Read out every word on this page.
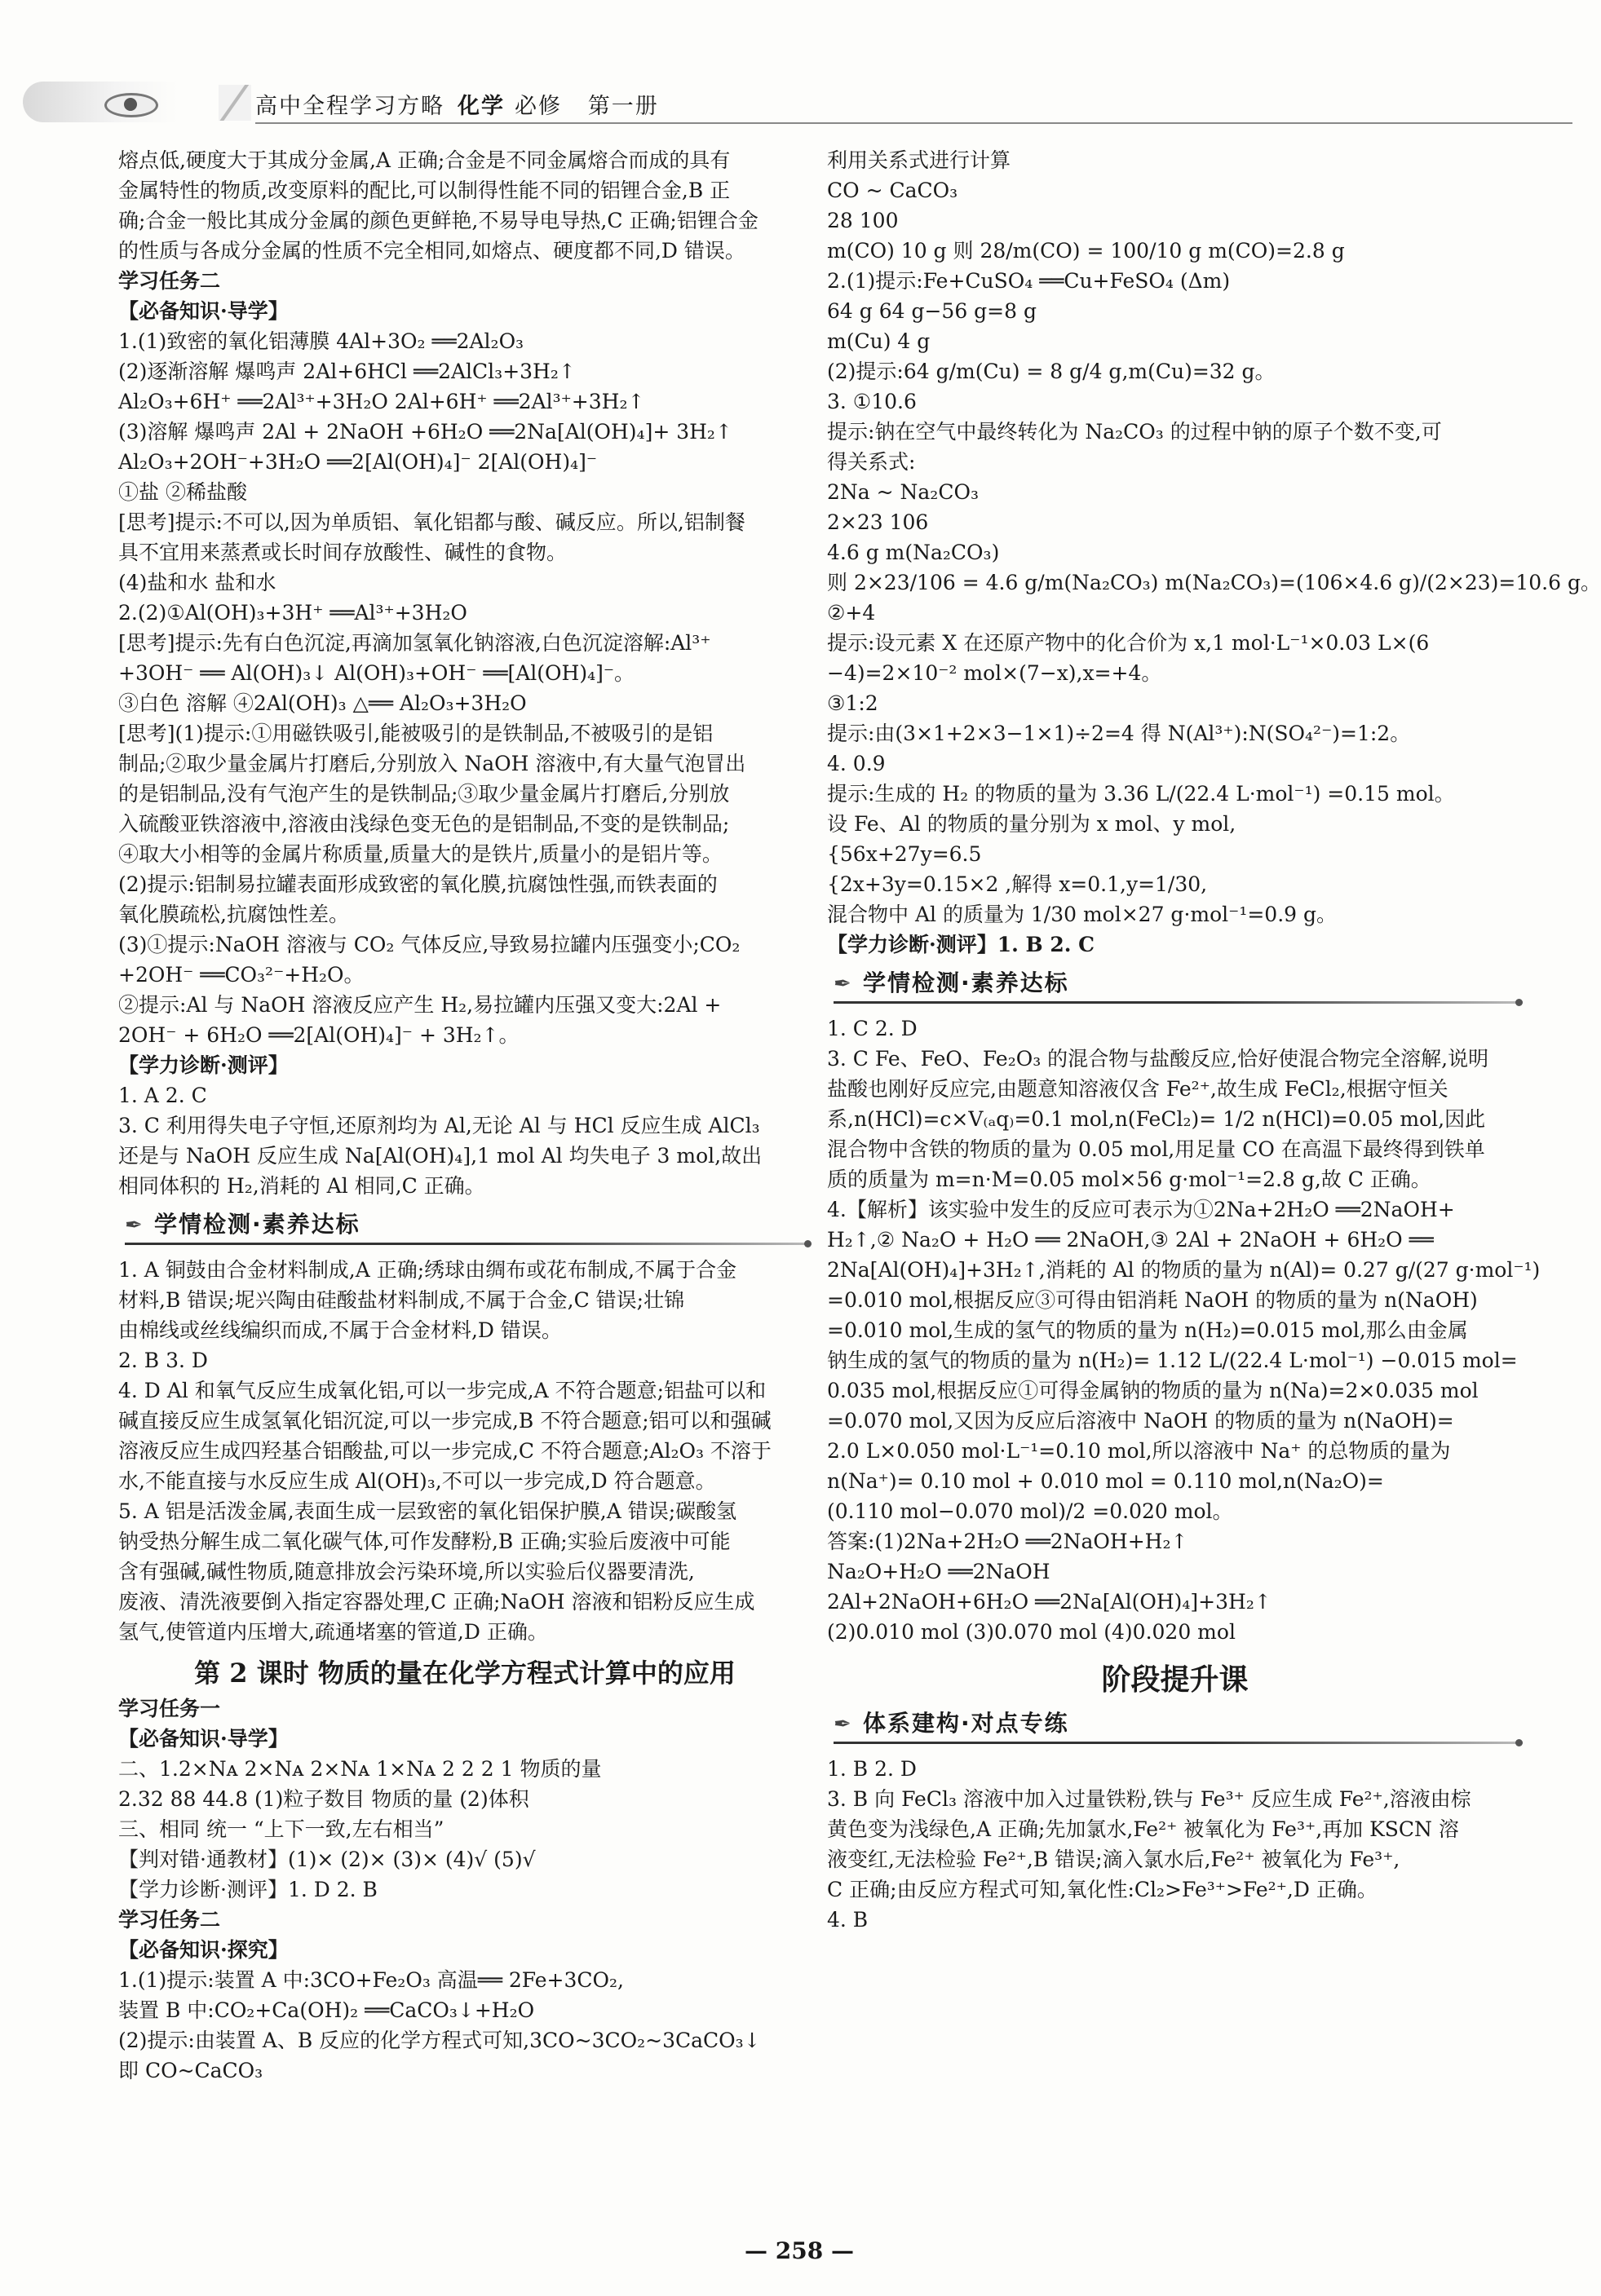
高中全程学习方略 化学 必修 第一册

熔点低,硬度大于其成分金属,A 正确;合金是不同金属熔合而成的具有

金属特性的物质,改变原料的配比,可以制得性能不同的铝锂合金,B 正

确;合金一般比其成分金属的颜色更鲜艳,不易导电导热,C 正确;铝锂合金

的性质与各成分金属的性质不完全相同,如熔点、硬度都不同,D 错误。

学习任务二

【必备知识·导学】

1.(1)致密的氧化铝薄膜 4Al+3O₂ ══2Al₂O₃

(2)逐渐溶解 爆鸣声 2Al+6HCl ══2AlCl₃+3H₂↑

Al₂O₃+6H⁺ ══2Al³⁺+3H₂O 2Al+6H⁺ ══2Al³⁺+3H₂↑

(3)溶解 爆鸣声 2Al + 2NaOH +6H₂O ══2Na[Al(OH)₄]+ 3H₂↑

Al₂O₃+2OH⁻+3H₂O ══2[Al(OH)₄]⁻ 2[Al(OH)₄]⁻

①盐 ②稀盐酸

[思考]提示:不可以,因为单质铝、氧化铝都与酸、碱反应。所以,铝制餐

具不宜用来蒸煮或长时间存放酸性、碱性的食物。

(4)盐和水 盐和水

2.(2)①Al(OH)₃+3H⁺ ══Al³⁺+3H₂O

[思考]提示:先有白色沉淀,再滴加氢氧化钠溶液,白色沉淀溶解:Al³⁺

+3OH⁻ ══ Al(OH)₃↓ Al(OH)₃+OH⁻ ══[Al(OH)₄]⁻。

③白色 溶解 ④2Al(OH)₃ △══ Al₂O₃+3H₂O

[思考](1)提示:①用磁铁吸引,能被吸引的是铁制品,不被吸引的是铝

制品;②取少量金属片打磨后,分别放入 NaOH 溶液中,有大量气泡冒出

的是铝制品,没有气泡产生的是铁制品;③取少量金属片打磨后,分别放

入硫酸亚铁溶液中,溶液由浅绿色变无色的是铝制品,不变的是铁制品;

④取大小相等的金属片称质量,质量大的是铁片,质量小的是铝片等。

(2)提示:铝制易拉罐表面形成致密的氧化膜,抗腐蚀性强,而铁表面的

氧化膜疏松,抗腐蚀性差。

(3)①提示:NaOH 溶液与 CO₂ 气体反应,导致易拉罐内压强变小;CO₂

+2OH⁻ ══CO₃²⁻+H₂O。

②提示:Al 与 NaOH 溶液反应产生 H₂,易拉罐内压强又变大:2Al +

2OH⁻ + 6H₂O ══2[Al(OH)₄]⁻ + 3H₂↑。

【学力诊断·测评】

1. A 2. C

3. C 利用得失电子守恒,还原剂均为 Al,无论 Al 与 HCl 反应生成 AlCl₃

还是与 NaOH 反应生成 Na[Al(OH)₄],1 mol Al 均失电子 3 mol,故出

相同体积的 H₂,消耗的 Al 相同,C 正确。

✒ 学情检测·素养达标

1. A 铜鼓由合金材料制成,A 正确;绣球由绸布或花布制成,不属于合金

材料,B 错误;坭兴陶由硅酸盐材料制成,不属于合金,C 错误;壮锦

由棉线或丝线编织而成,不属于合金材料,D 错误。

2. B 3. D

4. D Al 和氧气反应生成氧化铝,可以一步完成,A 不符合题意;铝盐可以和

碱直接反应生成氢氧化铝沉淀,可以一步完成,B 不符合题意;铝可以和强碱

溶液反应生成四羟基合铝酸盐,可以一步完成,C 不符合题意;Al₂O₃ 不溶于

水,不能直接与水反应生成 Al(OH)₃,不可以一步完成,D 符合题意。

5. A 铝是活泼金属,表面生成一层致密的氧化铝保护膜,A 错误;碳酸氢

钠受热分解生成二氧化碳气体,可作发酵粉,B 正确;实验后废液中可能

含有强碱,碱性物质,随意排放会污染环境,所以实验后仪器要清洗,

废液、清洗液要倒入指定容器处理,C 正确;NaOH 溶液和铝粉反应生成

氢气,使管道内压增大,疏通堵塞的管道,D 正确。

第 2 课时 物质的量在化学方程式计算中的应用

学习任务一

【必备知识·导学】

二、1.2×Nᴀ 2×Nᴀ 2×Nᴀ 1×Nᴀ 2 2 2 1 物质的量

2.32 88 44.8 (1)粒子数目 物质的量 (2)体积

三、相同 统一 “上下一致,左右相当”

【判对错·通教材】(1)× (2)× (3)× (4)√ (5)√

【学力诊断·测评】1. D 2. B

学习任务二

【必备知识·探究】

1.(1)提示:装置 A 中:3CO+Fe₂O₃ 高温══ 2Fe+3CO₂,

装置 B 中:CO₂+Ca(OH)₂ ══CaCO₃↓+H₂O

(2)提示:由装置 A、B 反应的化学方程式可知,3CO~3CO₂~3CaCO₃↓

即 CO~CaCO₃

利用关系式进行计算

CO ~ CaCO₃

28 100

m(CO) 10 g 则 28/m(CO) = 100/10 g m(CO)=2.8 g

2.(1)提示:Fe+CuSO₄ ══Cu+FeSO₄ (Δm)

64 g 64 g−56 g=8 g

m(Cu) 4 g

(2)提示:64 g/m(Cu) = 8 g/4 g,m(Cu)=32 g。

3. ①10.6

提示:钠在空气中最终转化为 Na₂CO₃ 的过程中钠的原子个数不变,可

得关系式:

2Na ~ Na₂CO₃

2×23 106

4.6 g m(Na₂CO₃)

则 2×23/106 = 4.6 g/m(Na₂CO₃) m(Na₂CO₃)=(106×4.6 g)/(2×23)=10.6 g。

②+4

提示:设元素 X 在还原产物中的化合价为 x,1 mol·L⁻¹×0.03 L×(6

−4)=2×10⁻² mol×(7−x),x=+4。

③1:2

提示:由(3×1+2×3−1×1)÷2=4 得 N(Al³⁺):N(SO₄²⁻)=1:2。

4. 0.9

提示:生成的 H₂ 的物质的量为 3.36 L/(22.4 L·mol⁻¹) =0.15 mol。

设 Fe、Al 的物质的量分别为 x mol、y mol,

{56x+27y=6.5

{2x+3y=0.15×2 ,解得 x=0.1,y=1/30,

混合物中 Al 的质量为 1/30 mol×27 g·mol⁻¹=0.9 g。

【学力诊断·测评】1. B 2. C

✒ 学情检测·素养达标

1. C 2. D

3. C Fe、FeO、Fe₂O₃ 的混合物与盐酸反应,恰好使混合物完全溶解,说明

盐酸也刚好反应完,由题意知溶液仅含 Fe²⁺,故生成 FeCl₂,根据守恒关

系,n(HCl)=c×V₍ₐq₎=0.1 mol,n(FeCl₂)= 1/2 n(HCl)=0.05 mol,因此

混合物中含铁的物质的量为 0.05 mol,用足量 CO 在高温下最终得到铁单

质的质量为 m=n·M=0.05 mol×56 g·mol⁻¹=2.8 g,故 C 正确。

4.【解析】该实验中发生的反应可表示为①2Na+2H₂O ══2NaOH+

H₂↑,② Na₂O + H₂O ══ 2NaOH,③ 2Al + 2NaOH + 6H₂O ══

2Na[Al(OH)₄]+3H₂↑,消耗的 Al 的物质的量为 n(Al)= 0.27 g/(27 g·mol⁻¹)

=0.010 mol,根据反应③可得由铝消耗 NaOH 的物质的量为 n(NaOH)

=0.010 mol,生成的氢气的物质的量为 n(H₂)=0.015 mol,那么由金属

钠生成的氢气的物质的量为 n(H₂)= 1.12 L/(22.4 L·mol⁻¹) −0.015 mol=

0.035 mol,根据反应①可得金属钠的物质的量为 n(Na)=2×0.035 mol

=0.070 mol,又因为反应后溶液中 NaOH 的物质的量为 n(NaOH)=

2.0 L×0.050 mol·L⁻¹=0.10 mol,所以溶液中 Na⁺ 的总物质的量为

n(Na⁺)= 0.10 mol + 0.010 mol = 0.110 mol,n(Na₂O)=

(0.110 mol−0.070 mol)/2 =0.020 mol。

答案:(1)2Na+2H₂O ══2NaOH+H₂↑

Na₂O+H₂O ══2NaOH

2Al+2NaOH+6H₂O ══2Na[Al(OH)₄]+3H₂↑

(2)0.010 mol (3)0.070 mol (4)0.020 mol

阶段提升课
✒ 体系建构·对点专练

1. B 2. D

3. B 向 FeCl₃ 溶液中加入过量铁粉,铁与 Fe³⁺ 反应生成 Fe²⁺,溶液由棕

黄色变为浅绿色,A 正确;先加氯水,Fe²⁺ 被氧化为 Fe³⁺,再加 KSCN 溶

液变红,无法检验 Fe²⁺,B 错误;滴入氯水后,Fe²⁺ 被氧化为 Fe³⁺,

C 正确;由反应方程式可知,氧化性:Cl₂>Fe³⁺>Fe²⁺,D 正确。

4. B

— 258 —
